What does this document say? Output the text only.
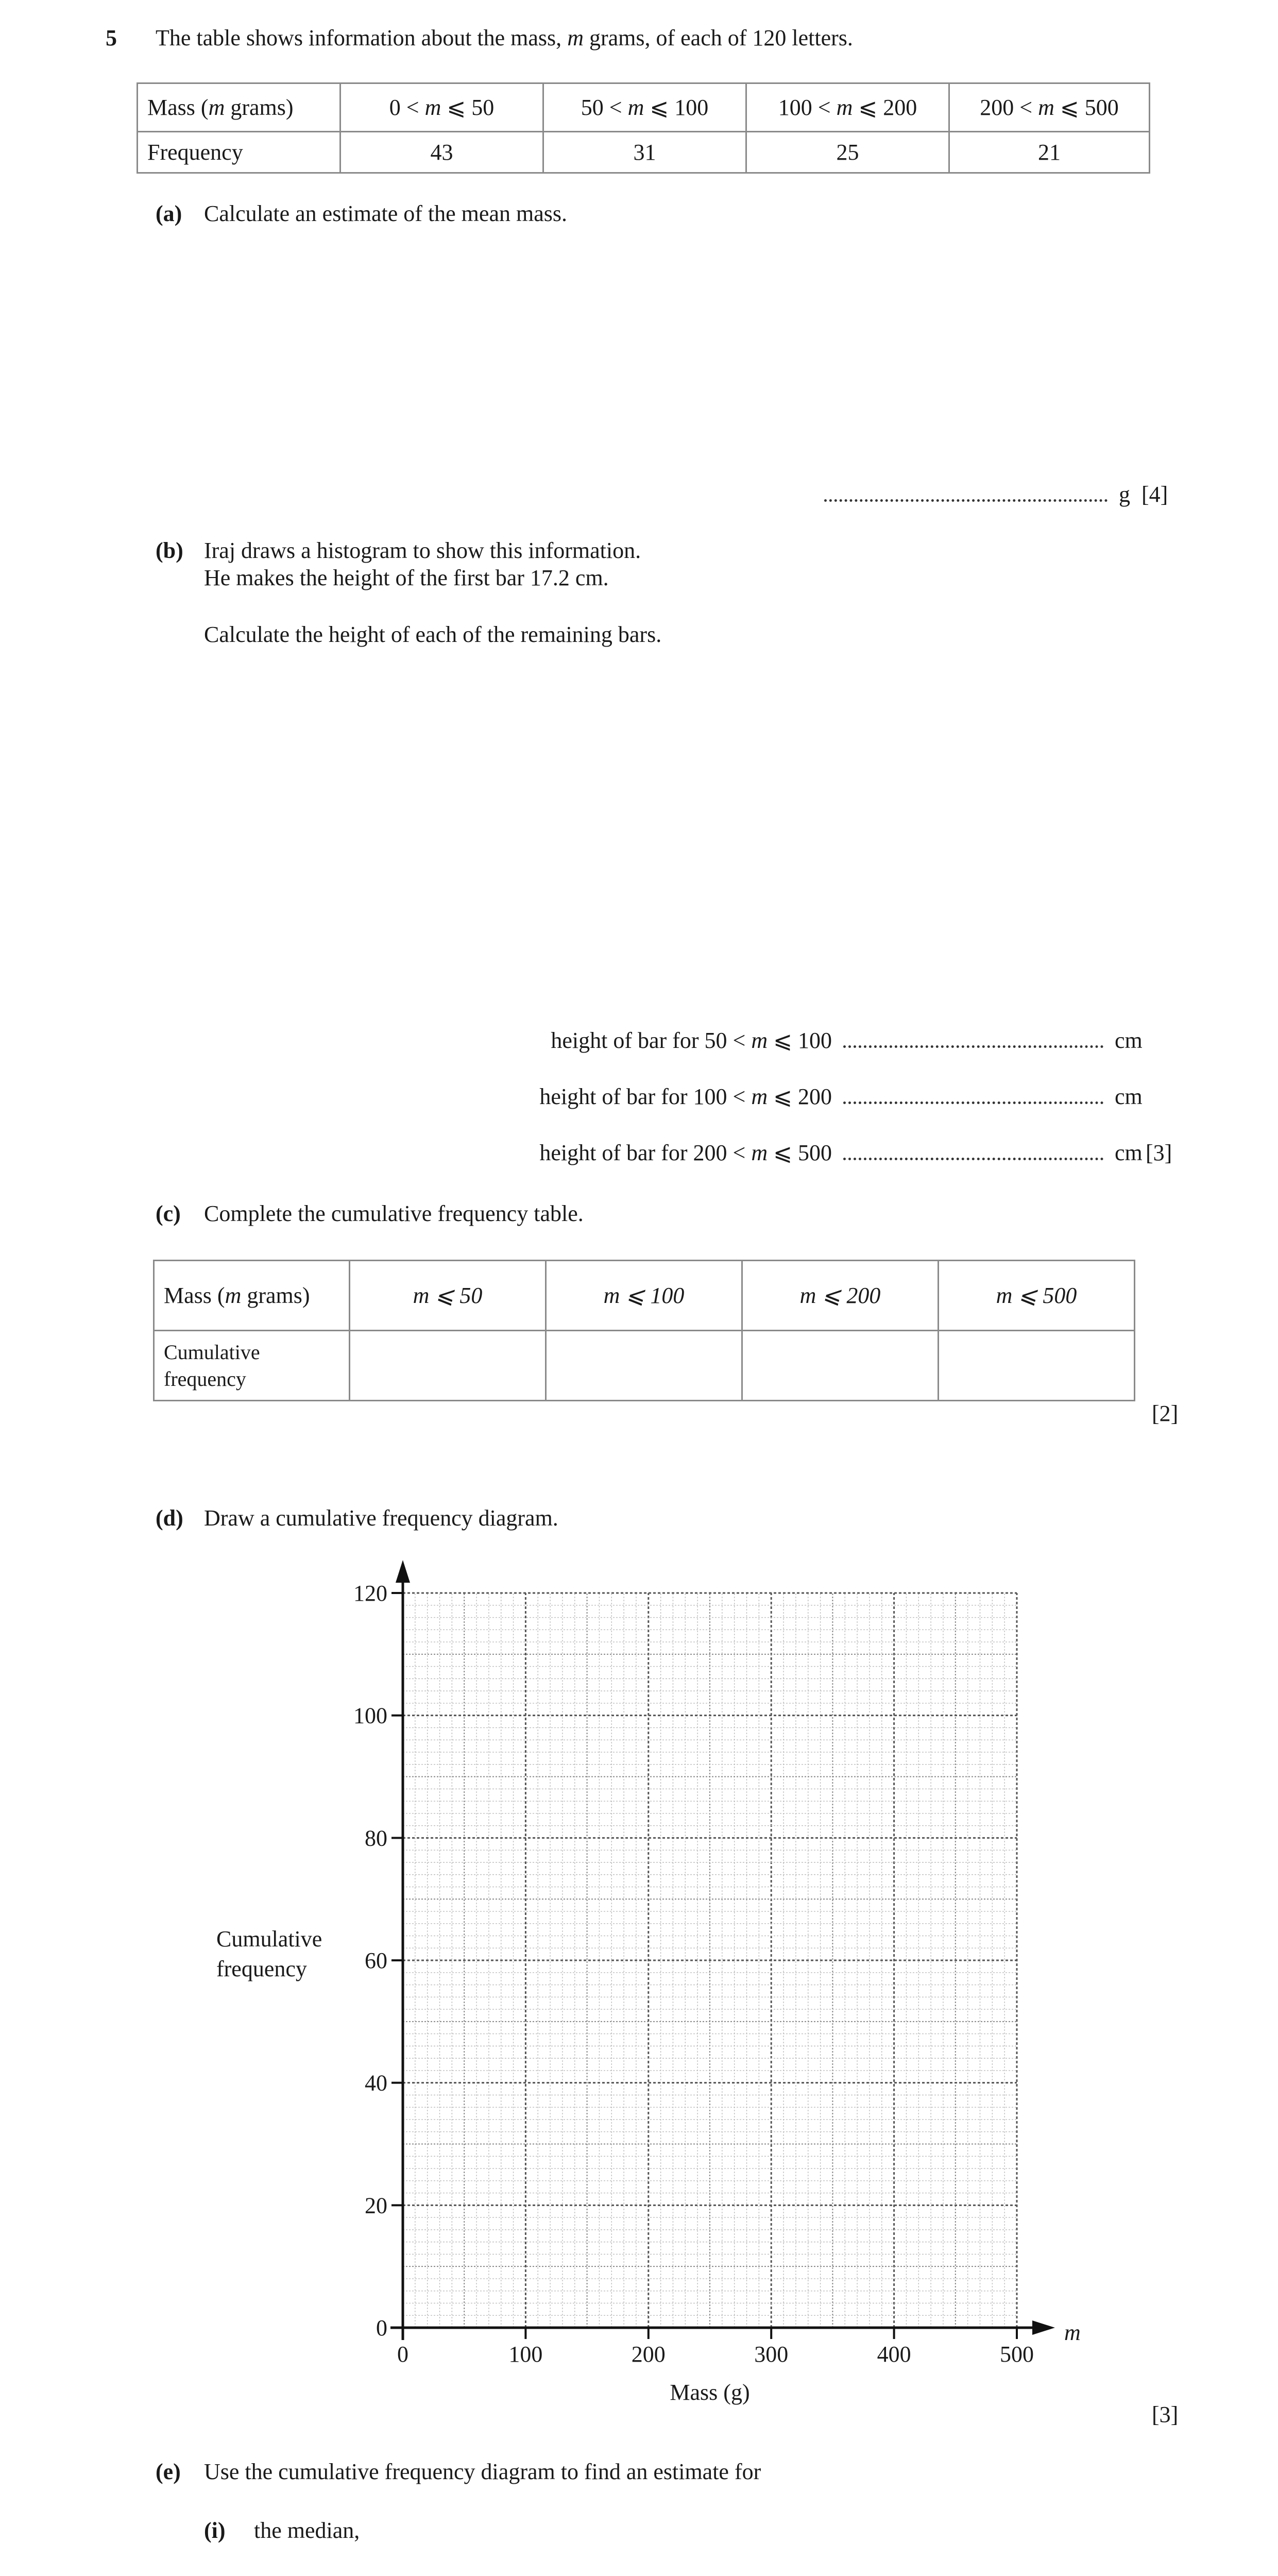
5 The table shows information about the mass, m grams, of each of 120 letters.
Mass (m grams)	0 < m ⩽ 50	50 < m ⩽ 100	100 < m ⩽ 200	200 < m ⩽ 500
Frequency	43	31	25	21
(a) Calculate an estimate of the mean mass.
g [4]
(b) Iraj draws a histogram to show this information.
He makes the height of the first bar 17.2 cm.
Calculate the height of each of the remaining bars.
height of bar for 50 < m ⩽ 100	cm
height of bar for 100 < m ⩽ 200	cm
height of bar for 200 < m ⩽ 500	cm [3]
(c) Complete the cumulative frequency table.
Mass (m grams)	m ⩽ 50	m ⩽ 100	m ⩽ 200	m ⩽ 500
Cumulative
frequency				
[2]
(d) Draw a cumulative frequency diagram.
0
20
40
60
80
100
120
0	100	200	300	400	500
m
Mass (g)
Cumulative
frequency
[3]
(e) Use the cumulative frequency diagram to find an estimate for
(i) the median,
